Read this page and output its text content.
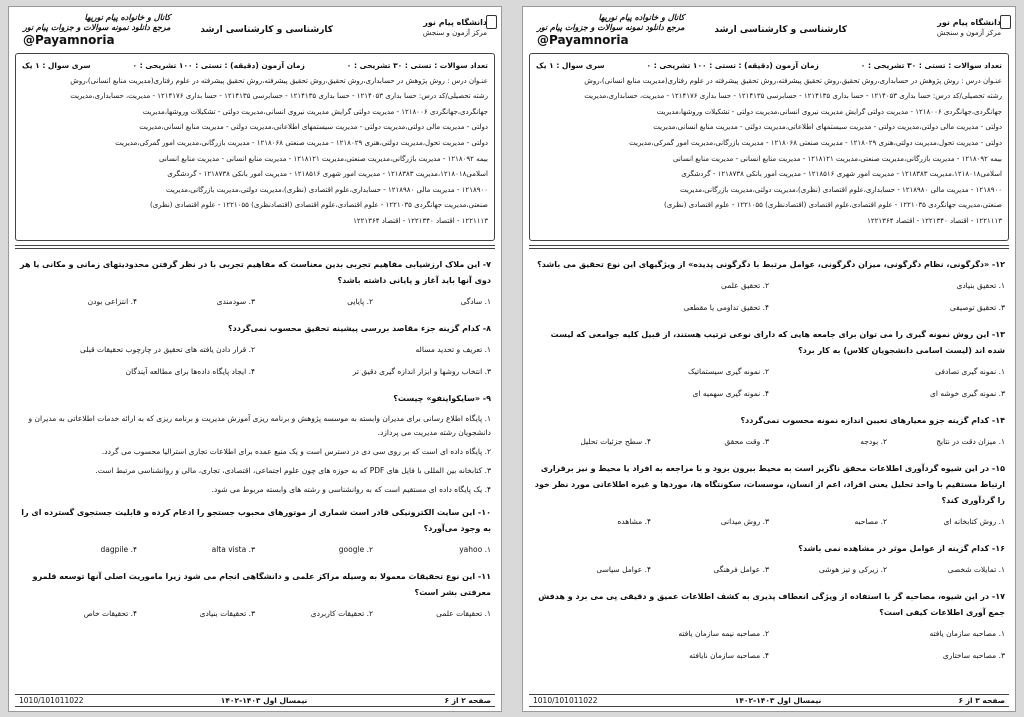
دانشگاه پیام نور
مرکز آزمون و سنجش
کارشناسی و کارشناسی ارشد
کانال و خانواده پیام نوریها
مرجع دانلود نمونه سوالات و جزوات پیام نور
@Payamnoria
تعداد سوالات : تستی : ۳۰ تشریحی : ۰
زمان آزمون (دقیقه) : تستی : ۱۰۰ تشریحی : ۰
سری سوال : ۱ یک

عنـوان درس : روش پژوهش در حسابداری،روش تحقیق،روش تحقیق پیشرفته،روش تحقیق پیشرفته در علوم رفتاری(مدیریت منابع انسانی)،روش

رشته تحصیلی/کد درس: حسا بداری ۱۲۱۴۰۵۳ - حسا بداری ۱۲۱۴۱۳۵ - حسابرسی ۱۲۱۴۱۳۵ - حسا بداری ۱۲۱۴۱۷۶ - مدیریت، حسابداری،مدیریت

جهانگردی،جهانگردی ۱۲۱۸۰۰۶ - مدیریت دولتی گرایش مدیریت نیروی انسانی،مدیریت دولتی - تشکیلات وروشها،مدیریت

دولتی - مدیریت مالی دولتی،مدیریت دولتی - مدیریت سیستمهای اطلاعاتی،مدیریت دولتی - مدیریت منابع انسانی،مدیریت

دولتی - مدیریت تحول،مدیریت دولتی،هنری ۱۲۱۸۰۲۹ - مدیریت صنعتی ۱۲۱۸۰۶۸ - مدیریت بازرگانی،مدیریت امور گمرکی،مدیریت

بیمه ۱۲۱۸۰۹۲ - مدیریت بازرگانی،مدیریت صنعتی،مدیریت ۱۲۱۸۱۲۱ - مدیریت منابع انسانی - مدیریت منابع انسانی

اسلامی۱۲۱۸۰۱۸،مدیریت ۱۲۱۸۳۸۳ - مدیریت امور شهری ۱۲۱۸۵۱۶ - مدیریت امور بانکی ۱۲۱۸۷۳۸ - گردشگری

۱۲۱۸۹۰۰ - مدیریت مالی ۱۲۱۸۹۸۰ - حسابداری،علوم اقتصادی (نظری)،مدیریت دولتی،مدیریت بازرگانی،مدیریت

صنعتی،مدیریت جهانگردی ۱۲۲۱۰۳۵ - علوم اقتصادی،علوم اقتصادی (اقتصادنظری) ۱۲۲۱۰۵۵ - علوم اقتصادی (نظری)

۱۲۲۱۱۱۳ - اقتصاد ۱۲۲۱۳۴۰ - اقتصاد ۱۲۲۱۳۶۴

۷- این ملاک ارزشیابی مفاهیم تجربی بدین معناست که مفاهیم تجربی با در نظر گرفتن محدودیتهای زمانی و مکانی یا هر دوی آنها باید آغاز و پایانی داشته باشد؟
۱. سادگی
۲. پایایی
۳. سودمندی
۴. انتزاعی بودن
۸- کدام گزینه جزء مقاصد بررسی پیشینه تحقیق محسوب نمی‌گردد؟
۱. تعریف و تحدید مساله
۲. قرار دادن یافته های تحقیق در چارچوب تحقیقات قبلی
۳. انتخاب روشها و ابزار اندازه گیری دقیق تر
۴. ایجاد پایگاه داده‌ها برای مطالعه آیندگان
۹- «سایکواینفو» چیست؟
۱. پایگاه اطلاع رسانی برای مدیران وابسته به موسسه پژوهش و برنامه ریزی آموزش مدیریت و برنامه ریزی که به ارائه خدمات اطلاعاتی به مدیران و دانشجویان رشته مدیریت می پردازد.
۲. پایگاه داده ای است که بر روی سی دی در دسترس است و یک منبع عمده برای اطلاعات تجاری استرالیا محسوب می گردد.
۳. کتابخانه بین المللی با فایل های PDF که به حوزه های چون علوم اجتماعی، اقتصادی، تجاری، مالی و روانشناسی مرتبط است.
۴. یک پایگاه داده ای مستقیم است که به روانشناسی و رشته های وابسته مربوط می شود.
۱۰- این سایت الکترونیکی قادر است شماری از موتورهای محبوب جستجو را ادغام کرده و قابلیت جستجوی گسترده ای را به وجود می‌آورد؟
۱. yahoo
۲. google
۳. alta vista
۴. dagpile
۱۱- این نوع تحقیقات معمولا به وسیله مراکز علمی و دانشگاهی انجام می شود زیرا ماموریت اصلی آنها توسعه قلمرو معرفتی بشر است؟
۱. تحقیقات علمی
۲. تحقیقات کاربردی
۳. تحقیقات بنیادی
۴. تحقیقات خاص
صفحه ۲ از ۶
نیمسال اول ۱۴۰۳-۱۴۰۲
1010/101011022
دانشگاه پیام نور
مرکز آزمون و سنجش
کارشناسی و کارشناسی ارشد
کانال و خانواده پیام نوریها
مرجع دانلود نمونه سوالات و جزوات پیام نور
@Payamnoria
تعداد سوالات : تستی : ۳۰ تشریحی : ۰
زمان آزمون (دقیقه) : تستی : ۱۰۰ تشریحی : ۰
سری سوال : ۱ یک

عنـوان درس : روش پژوهش در حسابداری،روش تحقیق،روش تحقیق پیشرفته،روش تحقیق پیشرفته در علوم رفتاری(مدیریت منابع انسانی)،روش

رشته تحصیلی/کد درس: حسا بداری ۱۲۱۴۰۵۳ - حسا بداری ۱۲۱۴۱۳۵ - حسابرسی ۱۲۱۴۱۳۵ - حسا بداری ۱۲۱۴۱۷۶ - مدیریت، حسابداری،مدیریت

جهانگردی،جهانگردی ۱۲۱۸۰۰۶ - مدیریت دولتی گرایش مدیریت نیروی انسانی،مدیریت دولتی - تشکیلات وروشها،مدیریت

دولتی - مدیریت مالی دولتی،مدیریت دولتی - مدیریت سیستمهای اطلاعاتی،مدیریت دولتی - مدیریت منابع انسانی،مدیریت

دولتی - مدیریت تحول،مدیریت دولتی،هنری ۱۲۱۸۰۲۹ - مدیریت صنعتی ۱۲۱۸۰۶۸ - مدیریت بازرگانی،مدیریت امور گمرکی،مدیریت

بیمه ۱۲۱۸۰۹۲ - مدیریت بازرگانی،مدیریت صنعتی،مدیریت ۱۲۱۸۱۲۱ - مدیریت منابع انسانی - مدیریت منابع انسانی

اسلامی۱۲۱۸۰۱۸،مدیریت ۱۲۱۸۳۸۳ - مدیریت امور شهری ۱۲۱۸۵۱۶ - مدیریت امور بانکی ۱۲۱۸۷۳۸ - گردشگری

۱۲۱۸۹۰۰ - مدیریت مالی ۱۲۱۸۹۸۰ - حسابداری،علوم اقتصادی (نظری)،مدیریت دولتی،مدیریت بازرگانی،مدیریت

صنعتی،مدیریت جهانگردی ۱۲۲۱۰۳۵ - علوم اقتصادی،علوم اقتصادی (اقتصادنظری) ۱۲۲۱۰۵۵ - علوم اقتصادی (نظری)

۱۲۲۱۱۱۳ - اقتصاد ۱۲۲۱۳۴۰ - اقتصاد ۱۲۲۱۳۶۴

۱۲- «دگرگونی، نظام دگرگونی، میزان دگرگونی، عوامل مرتبط با دگرگونی پدیده» از ویژگیهای این نوع تحقیق می باشد؟
۱. تحقیق بنیادی
۲. تحقیق علمی
۳. تحقیق توصیفی
۴. تحقیق تداومی یا مقطعی
۱۳- این روش نمونه گیری را می توان برای جامعه هایی که دارای نوعی ترتیب هستند، از قبیل کلیه جوامعی که لیست شده اند (لیست اسامی دانشجویان کلاس) به کار برد؟
۱. نمونه گیری تصادفی
۲. نمونه گیری سیستماتیک
۳. نمونه گیری خوشه ای
۴. نمونه گیری سهمیه ای
۱۴- کدام گزینه جزو معیارهای تعیین اندازه نمونه محسوب نمی‌گردد؟
۱. میزان دقت در نتایج
۲. بودجه
۳. وقت محقق
۴. سطح جزئیات تحلیل
۱۵- در این شیوه گردآوری اطلاعات محقق ناگزیر است به محیط بیرون برود و با مراجعه به افراد یا محیط و نیز برقراری ارتباط مستقیم با واحد تحلیل یعنی افراد، اعم از انسان، موسسات، سکونتگاه ها، موردها و غیره اطلاعاتی مورد نظر خود را گردآوری کند؟
۱. روش کتابخانه ای
۲. مصاحبه
۳. روش میدانی
۴. مشاهده
۱۶- کدام گزینه از عوامل موثر در مشاهده نمی باشد؟
۱. تمایلات شخصی
۲. زیرکی و تیز هوشی
۳. عوامل فرهنگی
۴. عوامل سیاسی
۱۷- در این شیوه، مصاحبه گر با استفاده از ویژگی انعطاف پذیری به کشف اطلاعات عمیق و دقیقی پی می برد و هدفش جمع آوری اطلاعات کیفی است؟
۱. مصاحبه سازمان یافته
۲. مصاحبه نیمه سازمان یافته
۳. مصاحبه ساختاری
۴. مصاحبه سازمان نایافته
صفحه ۳ از ۶
نیمسال اول ۱۴۰۳-۱۴۰۲
1010/101011022
